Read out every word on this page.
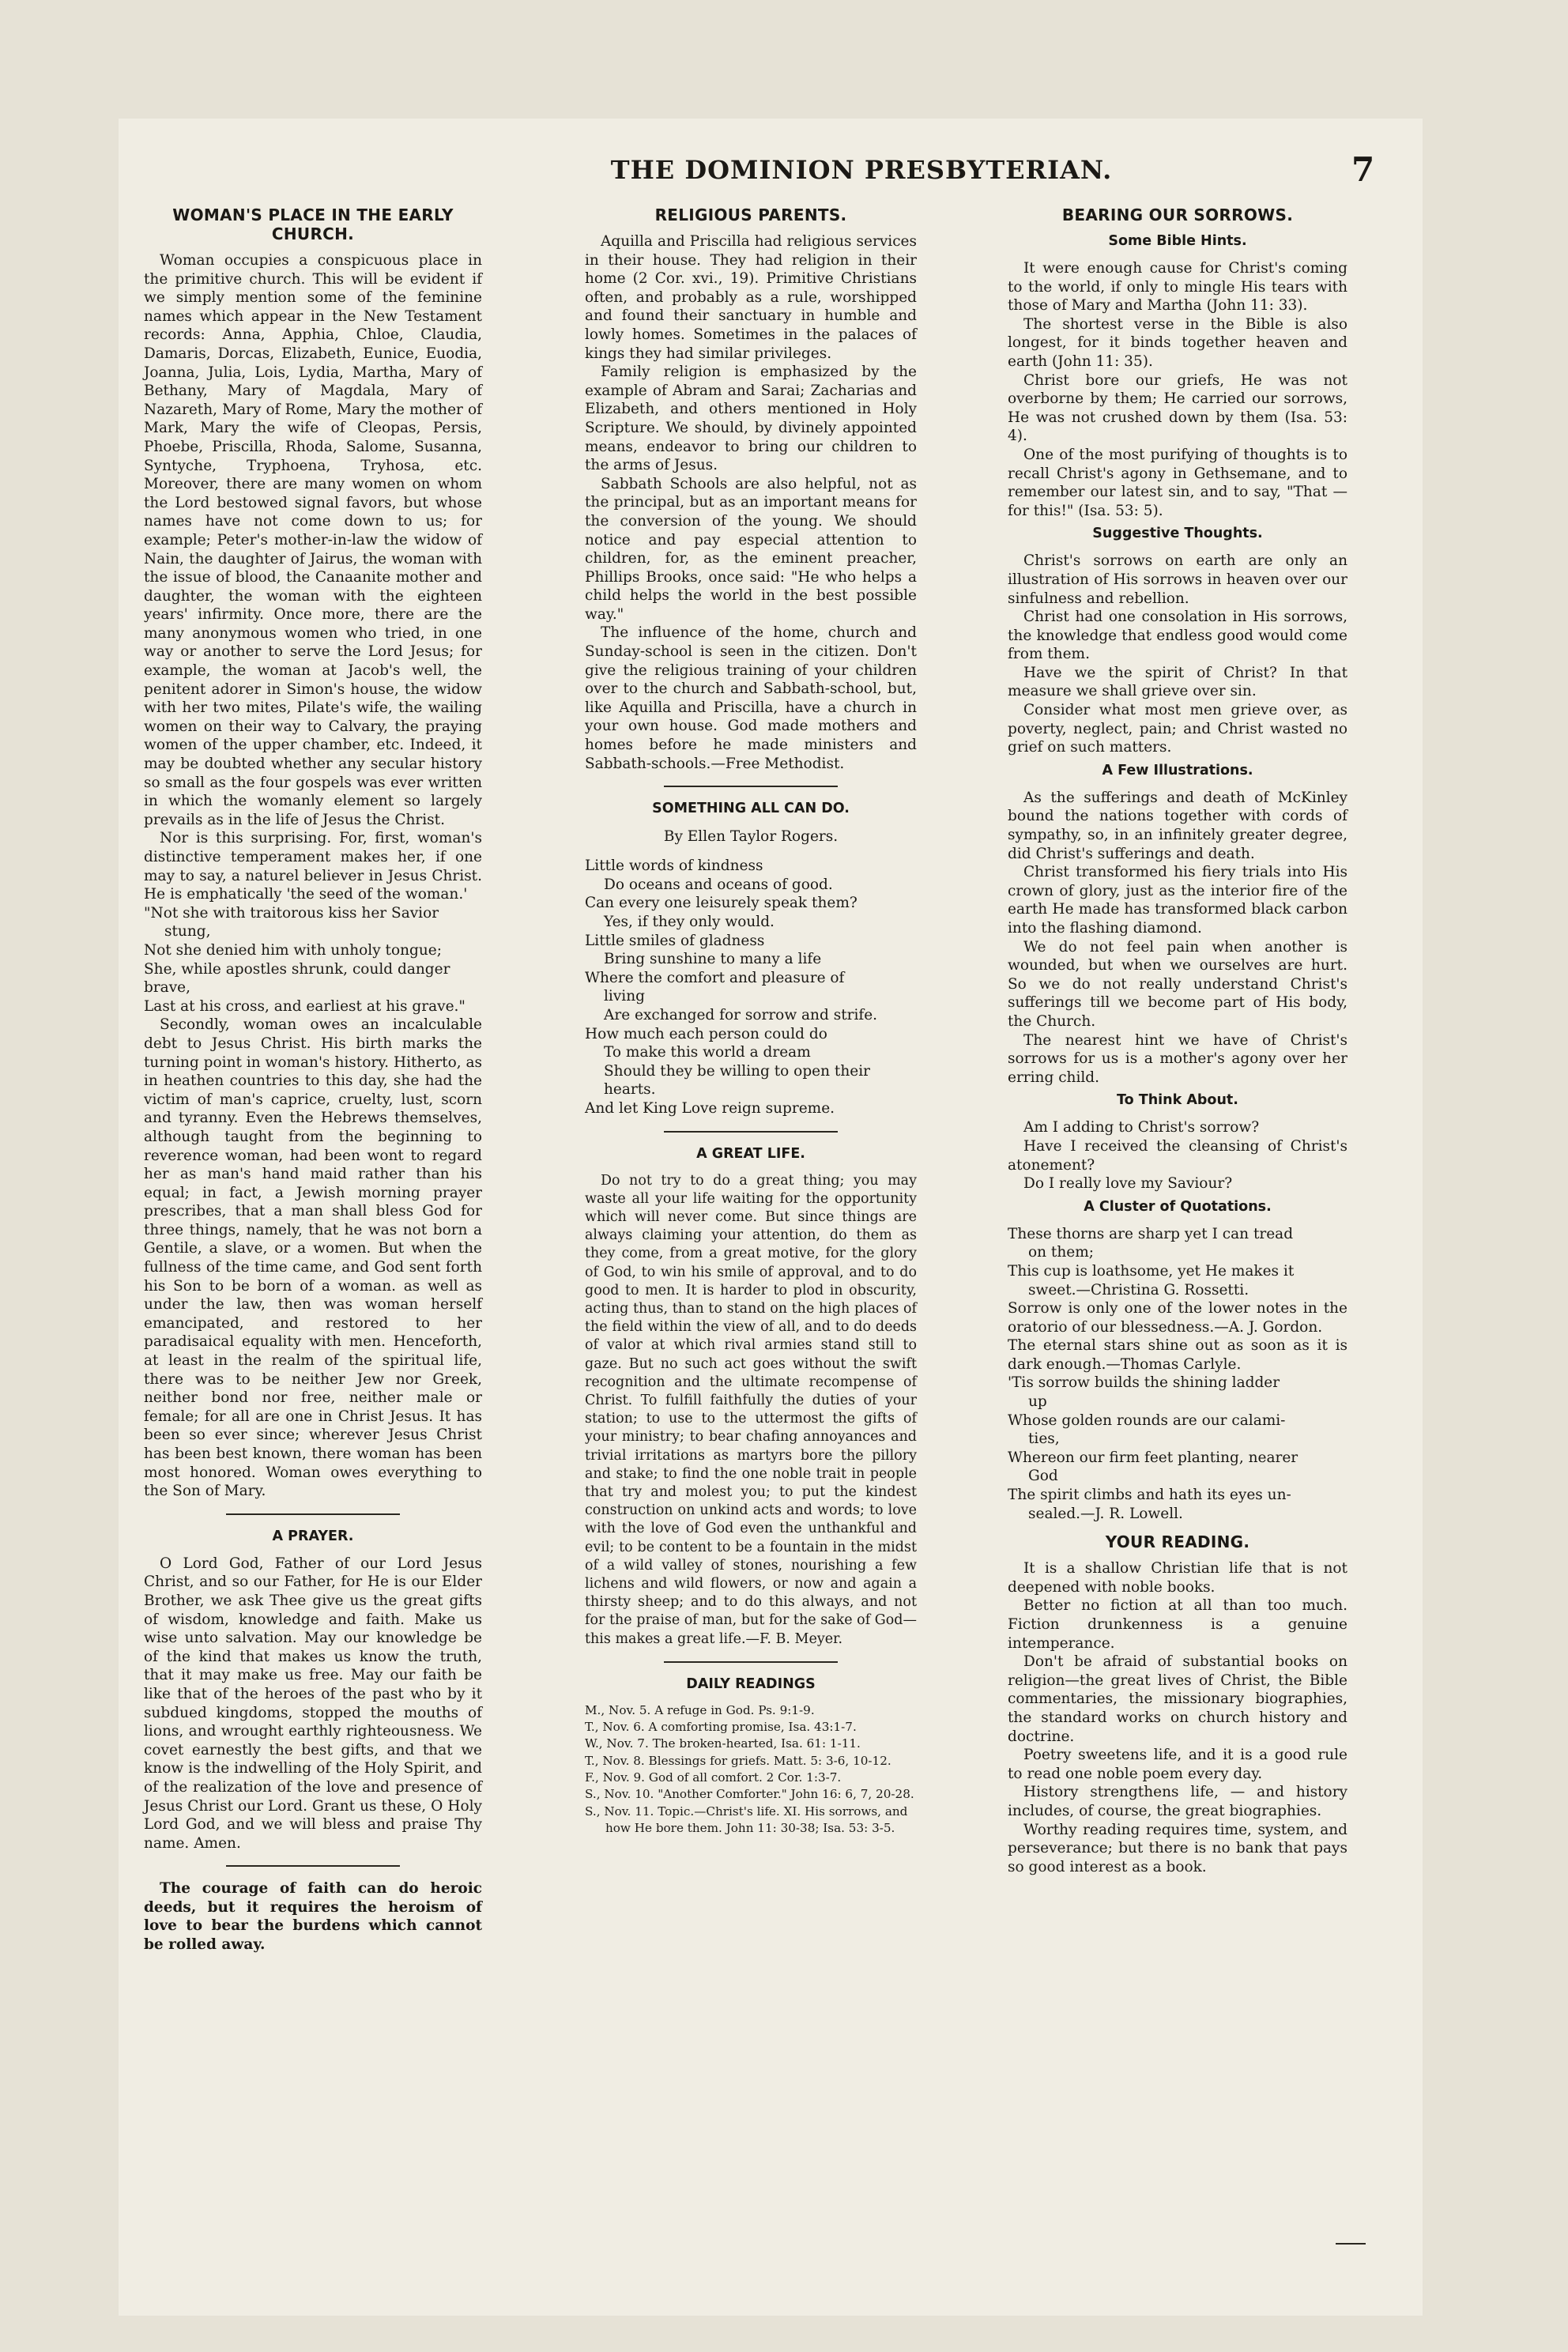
THE DOMINION PRESBYTERIAN.	7
WOMAN'S PLACE IN THE EARLY CHURCH.

Woman occupies a conspicuous place in the primitive church. This will be evident if we simply mention some of the feminine names which appear in the New Testament records: Anna, Apphia, Chloe, Claudia, Damaris, Dorcas, Elizabeth, Eunice, Euodia, Joanna, Julia, Lois, Lydia, Martha, Mary of Bethany, Mary of Magdala, Mary of Nazareth, Mary of Rome, Mary the mother of Mark, Mary the wife of Cleopas, Persis, Phoebe, Priscilla, Rhoda, Salome, Susanna, Syntyche, Tryphoena, Tryhosa, etc. Moreover, there are many women on whom the Lord bestowed signal favors, but whose names have not come down to us; for example; Peter's mother-in-law the widow of Nain, the daughter of Jairus, the woman with the issue of blood, the Canaanite mother and daughter, the woman with the eighteen years' infirmity. Once more, there are the many anonymous women who tried, in one way or another to serve the Lord Jesus; for example, the woman at Jacob's well, the penitent adorer in Simon's house, the widow with her two mites, Pilate's wife, the wailing women on their way to Calvary, the praying women of the upper chamber, etc. Indeed, it may be doubted whether any secular history so small as the four gospels was ever written in which the womanly element so largely prevails as in the life of Jesus the Christ.

Nor is this surprising. For, first, woman's distinctive temperament makes her, if one may to say, a naturel believer in Jesus Christ. He is emphatically 'the seed of the woman.'

"Not she with traitorous kiss her Savior

stung,

Not she denied him with unholy tongue;

She, while apostles shrunk, could danger brave,

Last at his cross, and earliest at his grave."

Secondly, woman owes an incalculable debt to Jesus Christ. His birth marks the turning point in woman's history. Hitherto, as in heathen countries to this day, she had the victim of man's caprice, cruelty, lust, scorn and tyranny. Even the Hebrews themselves, although taught from the beginning to reverence woman, had been wont to regard her as man's hand maid rather than his equal; in fact, a Jewish morning prayer prescribes, that a man shall bless God for three things, namely, that he was not born a Gentile, a slave, or a women. But when the fullness of the time came, and God sent forth his Son to be born of a woman. as well as under the law, then was woman herself emancipated, and restored to her paradisaical equality with men. Henceforth, at least in the realm of the spiritual life, there was to be neither Jew nor Greek, neither bond nor free, neither male or female; for all are one in Christ Jesus. It has been so ever since; wherever Jesus Christ has been best known, there woman has been most honored. Woman owes everything to the Son of Mary.

A PRAYER.

O Lord God, Father of our Lord Jesus Christ, and so our Father, for He is our Elder Brother, we ask Thee give us the great gifts of wisdom, knowledge and faith. Make us wise unto salvation. May our knowledge be of the kind that makes us know the truth, that it may make us free. May our faith be like that of the heroes of the past who by it subdued kingdoms, stopped the mouths of lions, and wrought earthly righteousness. We covet earnestly the best gifts, and that we know is the indwelling of the Holy Spirit, and of the realization of the love and presence of Jesus Christ our Lord. Grant us these, O Holy Lord God, and we will bless and praise Thy name. Amen.

The courage of faith can do heroic deeds, but it requires the heroism of love to bear the burdens which cannot be rolled away.

RELIGIOUS PARENTS.

Aquilla and Priscilla had religious services in their house. They had religion in their home (2 Cor. xvi., 19). Primitive Christians often, and probably as a rule, worshipped and found their sanctuary in humble and lowly homes. Sometimes in the palaces of kings they had similar privileges.

Family religion is emphasized by the example of Abram and Sarai; Zacharias and Elizabeth, and others mentioned in Holy Scripture. We should, by divinely appointed means, endeavor to bring our children to the arms of Jesus.

Sabbath Schools are also helpful, not as the principal, but as an important means for the conversion of the young. We should notice and pay especial attention to children, for, as the eminent preacher, Phillips Brooks, once said: "He who helps a child helps the world in the best possible way."

The influence of the home, church and Sunday-school is seen in the citizen. Don't give the religious training of your children over to the church and Sabbath-school, but, like Aquilla and Priscilla, have a church in your own house. God made mothers and homes before he made ministers and Sabbath-schools.—Free Methodist.

SOMETHING ALL CAN DO.
By Ellen Taylor Rogers.

Little words of kindness

Do oceans and oceans of good.

Can every one leisurely speak them?

Yes, if they only would.

Little smiles of gladness

Bring sunshine to many a life

Where the comfort and pleasure of

living

Are exchanged for sorrow and strife.

How much each person could do

To make this world a dream

Should they be willing to open their

hearts.

And let King Love reign supreme.

A GREAT LIFE.

Do not try to do a great thing; you may waste all your life waiting for the opportunity which will never come. But since things are always claiming your attention, do them as they come, from a great motive, for the glory of God, to win his smile of approval, and to do good to men. It is harder to plod in obscurity, acting thus, than to stand on the high places of the field within the view of all, and to do deeds of valor at which rival armies stand still to gaze. But no such act goes without the swift recognition and the ultimate recompense of Christ. To fulfill faithfully the duties of your station; to use to the uttermost the gifts of your ministry; to bear chafing annoyances and trivial irritations as martyrs bore the pillory and stake; to find the one noble trait in people that try and molest you; to put the kindest construction on unkind acts and words; to love with the love of God even the unthankful and evil; to be content to be a fountain in the midst of a wild valley of stones, nourishing a few lichens and wild flowers, or now and again a thirsty sheep; and to do this always, and not for the praise of man, but for the sake of God—this makes a great life.—F. B. Meyer.

DAILY READINGS

M., Nov. 5. A refuge in God. Ps. 9:1-9.

T., Nov. 6. A comforting promise, Isa. 43:1-7.

W., Nov. 7. The broken-hearted, Isa. 61: 1-11.

T., Nov. 8. Blessings for griefs. Matt. 5: 3-6, 10-12.

F., Nov. 9. God of all comfort. 2 Cor. 1:3-7.

S., Nov. 10. "Another Comforter." John 16: 6, 7, 20-28.

S., Nov. 11. Topic.—Christ's life. XI. His sorrows, and how He bore them. John 11: 30-38; Isa. 53: 3-5.

BEARING OUR SORROWS.
Some Bible Hints.

It were enough cause for Christ's coming to the world, if only to mingle His tears with those of Mary and Martha (John 11: 33).

The shortest verse in the Bible is also longest, for it binds together heaven and earth (John 11: 35).

Christ bore our griefs, He was not overborne by them; He carried our sorrows, He was not crushed down by them (Isa. 53: 4).

One of the most purifying of thoughts is to recall Christ's agony in Gethsemane, and to remember our latest sin, and to say, "That — for this!" (Isa. 53: 5).

Suggestive Thoughts.

Christ's sorrows on earth are only an illustration of His sorrows in heaven over our sinfulness and rebellion.

Christ had one consolation in His sorrows, the knowledge that endless good would come from them.

Have we the spirit of Christ? In that measure we shall grieve over sin.

Consider what most men grieve over, as poverty, neglect, pain; and Christ wasted no grief on such matters.

A Few Illustrations.

As the sufferings and death of McKinley bound the nations together with cords of sympathy, so, in an infinitely greater degree, did Christ's sufferings and death.

Christ transformed his fiery trials into His crown of glory, just as the interior fire of the earth He made has transformed black carbon into the flashing diamond.

We do not feel pain when another is wounded, but when we ourselves are hurt. So we do not really understand Christ's sufferings till we become part of His body, the Church.

The nearest hint we have of Christ's sorrows for us is a mother's agony over her erring child.

To Think About.

Am I adding to Christ's sorrow?

Have I received the cleansing of Christ's atonement?

Do I really love my Saviour?

A Cluster of Quotations.

These thorns are sharp yet I can tread

on them;

This cup is loathsome, yet He makes it

sweet.—Christina G. Rossetti.

Sorrow is only one of the lower notes in the oratorio of our blessedness.—A. J. Gordon.

The eternal stars shine out as soon as it is dark enough.—Thomas Carlyle.

'Tis sorrow builds the shining ladder

up

Whose golden rounds are our calami-

ties,

Whereon our firm feet planting, nearer

God

The spirit climbs and hath its eyes un-

sealed.—J. R. Lowell.

YOUR READING.

It is a shallow Christian life that is not deepened with noble books.

Better no fiction at all than too much. Fiction drunkenness is a genuine intemperance.

Don't be afraid of substantial books on religion—the great lives of Christ, the Bible commentaries, the missionary biographies, the standard works on church history and doctrine.

Poetry sweetens life, and it is a good rule to read one noble poem every day.

History strengthens life, — and history includes, of course, the great biographies.

Worthy reading requires time, system, and perseverance; but there is no bank that pays so good interest as a book.
